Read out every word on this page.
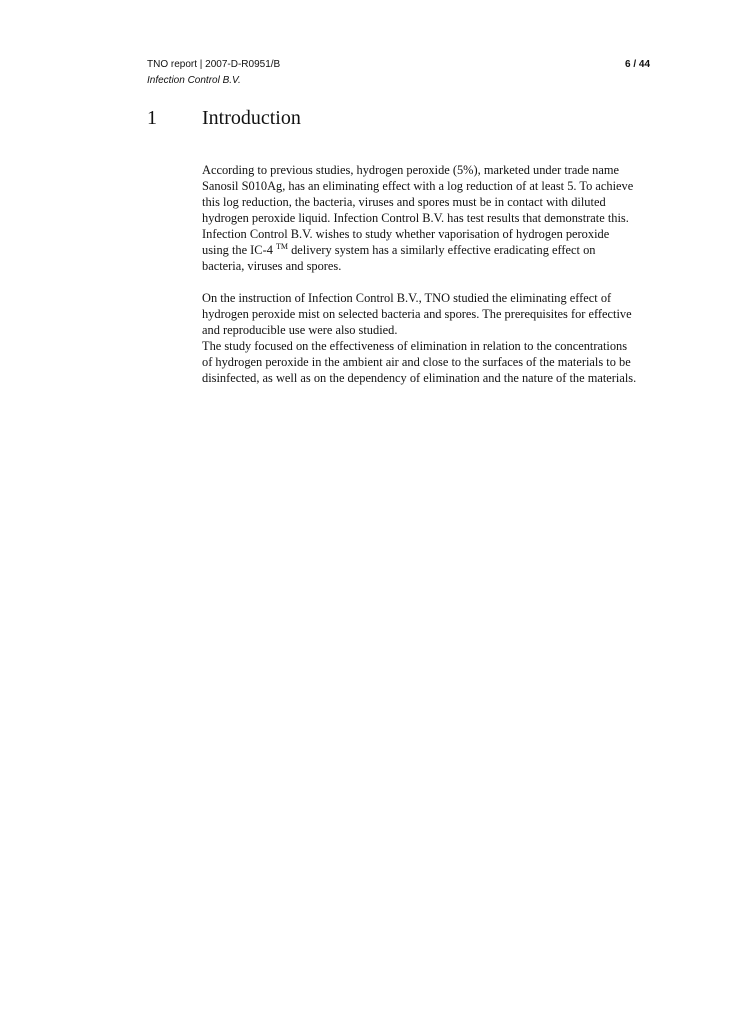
TNO report | 2007-D-R0951/B
Infection Control B.V.
6 / 44
1 Introduction
According to previous studies, hydrogen peroxide (5%), marketed under trade name
Sanosil S010Ag, has an eliminating effect with a log reduction of at least 5. To achieve
this log reduction, the bacteria, viruses and spores must be in contact with diluted
hydrogen peroxide liquid. Infection Control B.V. has test results that demonstrate this.
Infection Control B.V. wishes to study whether vaporisation of hydrogen peroxide
using the IC-4 ™ delivery system has a similarly effective eradicating effect on
bacteria, viruses and spores.
On the instruction of Infection Control B.V., TNO studied the eliminating effect of
hydrogen peroxide mist on selected bacteria and spores. The prerequisites for effective
and reproducible use were also studied.
The study focused on the effectiveness of elimination in relation to the concentrations
of hydrogen peroxide in the ambient air and close to the surfaces of the materials to be
disinfected, as well as on the dependency of elimination and the nature of the materials.
